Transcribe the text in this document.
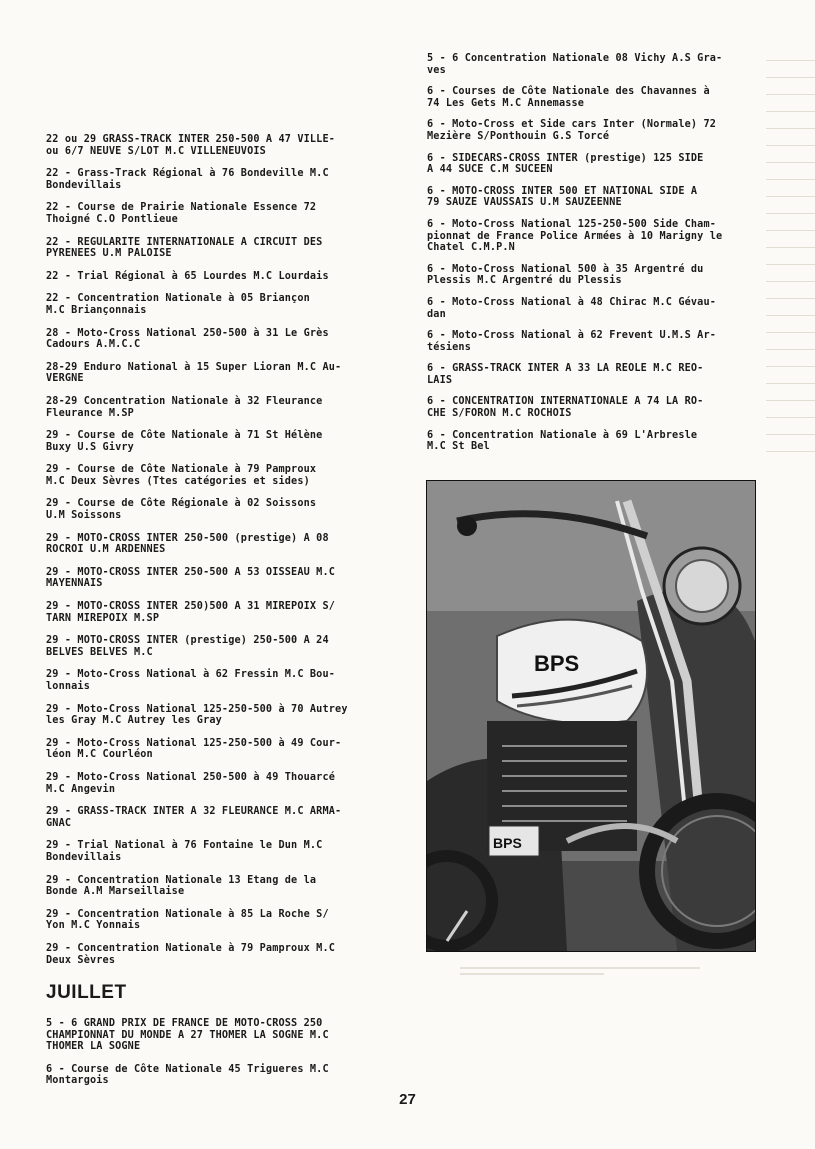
22 ou 29 GRASS-TRACK INTER 250-500 A 47 VILLE-
ou 6/7 NEUVE S/LOT M.C VILLENEUVOIS
22 - Grass-Track Régional à 76 Bondeville M.C
Bondevillais
22 - Course de Prairie Nationale Essence 72
Thoigné C.O Pontlieue
22 - REGULARITE INTERNATIONALE A CIRCUIT DES
PYRENEES U.M PALOISE
22 - Trial Régional à 65 Lourdes M.C Lourdais
22 - Concentration Nationale à 05 Briançon
M.C Briançonnais
28 - Moto-Cross National 250-500 à 31 Le Grès
Cadours A.M.C.C
28-29 Enduro National à 15 Super Lioran M.C Au-
VERGNE
28-29 Concentration Nationale à 32 Fleurance
Fleurance M.SP
29 - Course de Côte Nationale à 71 St Hélène
Buxy U.S Givry
29 - Course de Côte Nationale à 79 Pamproux
M.C Deux Sèvres (Ttes catégories et sides)
29 - Course de Côte Régionale à 02 Soissons
U.M Soissons
29 - MOTO-CROSS INTER 250-500 (prestige) A 08
ROCROI U.M ARDENNES
29 - MOTO-CROSS INTER 250-500 A 53 OISSEAU M.C
MAYENNAIS
29 - MOTO-CROSS INTER 250)500 A 31 MIREPOIX S/
TARN MIREPOIX M.SP
29 - MOTO-CROSS INTER (prestige) 250-500 A 24
BELVES BELVES M.C
29 - Moto-Cross National à 62 Fressin M.C Bou-
lonnais
29 - Moto-Cross National 125-250-500 à 70 Autrey
les Gray M.C Autrey les Gray
29 - Moto-Cross National 125-250-500 à 49 Cour-
léon M.C Courléon
29 - Moto-Cross National 250-500 à 49 Thouarcé
M.C Angevin
29 - GRASS-TRACK INTER A 32 FLEURANCE M.C ARMA-
GNAC
29 - Trial National à 76 Fontaine le Dun M.C
Bondevillais
29 - Concentration Nationale 13 Etang de la
Bonde A.M Marseillaise
29 - Concentration Nationale à 85 La Roche S/
Yon M.C Yonnais
29 - Concentration Nationale à 79 Pamproux M.C
Deux Sèvres
JUILLET
5 - 6 GRAND PRIX DE FRANCE DE MOTO-CROSS 250
CHAMPIONNAT DU MONDE A 27 THOMER LA SOGNE M.C
THOMER LA SOGNE
6 - Course de Côte Nationale 45 Trigueres M.C
Montargois
5 - 6 Concentration Nationale 08 Vichy A.S Gra-
ves
6 - Courses de Côte Nationale des Chavannes à
74 Les Gets M.C Annemasse
6 - Moto-Cross et Side cars Inter (Normale) 72
Mezière S/Ponthouin G.S Torcé
6 - SIDECARS-CROSS INTER (prestige) 125 SIDE
A 44 SUCE C.M SUCEEN
6 - MOTO-CROSS INTER 500 ET NATIONAL SIDE A
79 SAUZE VAUSSAIS U.M SAUZEENNE
6 - Moto-Cross National 125-250-500 Side Cham-
pionnat de France Police Armées à 10 Marigny le
Chatel C.M.P.N
6 - Moto-Cross National 500 à 35 Argentré du
Plessis M.C Argentré du Plessis
6 - Moto-Cross National à 48 Chirac M.C Gévau-
dan
6 - Moto-Cross National à 62 Frevent U.M.S Ar-
tésiens
6 - GRASS-TRACK INTER A 33 LA REOLE M.C REO-
LAIS
6 - CONCENTRATION INTERNATIONALE A 74 LA RO-
CHE S/FORON M.C ROCHOIS
6 - Concentration Nationale à 69 L'Arbresle
M.C St Bel
BPS
BPS
27
